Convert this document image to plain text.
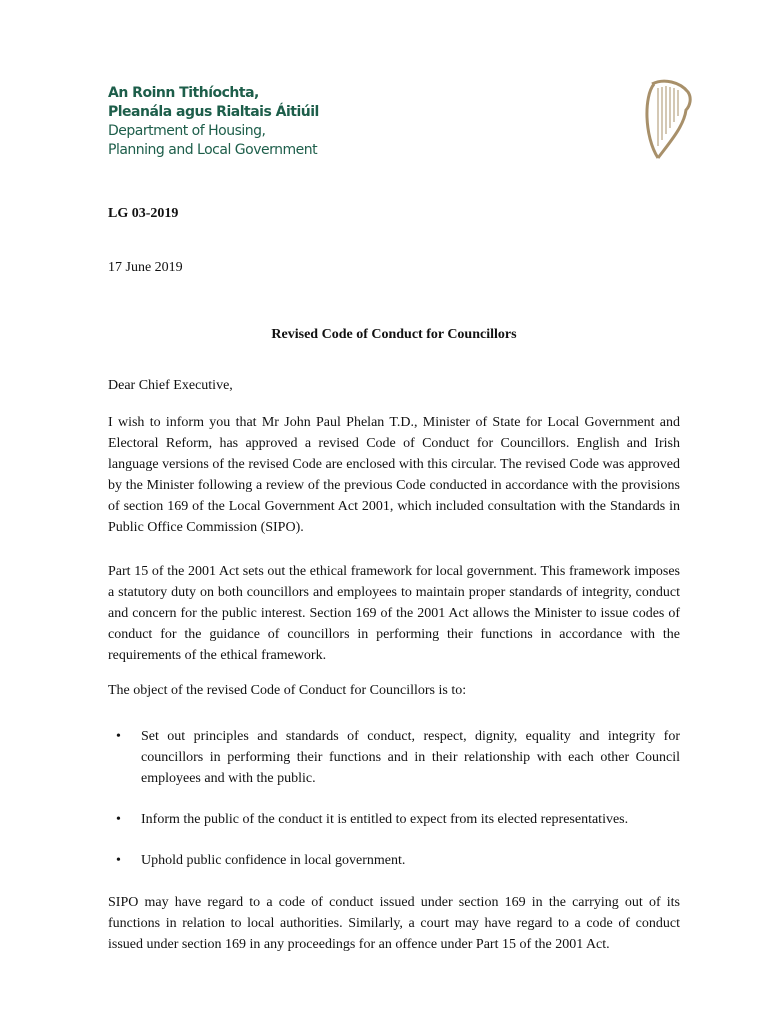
An Roinn Tithíochta,
Pleanála agus Rialtais Áitiúil
Department of Housing,
Planning and Local Government
LG 03-2019
17 June 2019
Revised Code of Conduct for Councillors
Dear Chief Executive,
I wish to inform you that Mr John Paul Phelan T.D., Minister of State for Local Government and Electoral Reform, has approved a revised Code of Conduct for Councillors. English and Irish language versions of the revised Code are enclosed with this circular. The revised Code was approved by the Minister following a review of the previous Code conducted in accordance with the provisions of section 169 of the Local Government Act 2001, which included consultation with the Standards in Public Office Commission (SIPO).
Part 15 of the 2001 Act sets out the ethical framework for local government. This framework imposes a statutory duty on both councillors and employees to maintain proper standards of integrity, conduct and concern for the public interest. Section 169 of the 2001 Act allows the Minister to issue codes of conduct for the guidance of councillors in performing their functions in accordance with the requirements of the ethical framework.
The object of the revised Code of Conduct for Councillors is to:
• Set out principles and standards of conduct, respect, dignity, equality and integrity for councillors in performing their functions and in their relationship with each other Council employees and with the public.
• Inform the public of the conduct it is entitled to expect from its elected representatives.
• Uphold public confidence in local government.
SIPO may have regard to a code of conduct issued under section 169 in the carrying out of its functions in relation to local authorities. Similarly, a court may have regard to a code of conduct issued under section 169 in any proceedings for an offence under Part 15 of the 2001 Act.
